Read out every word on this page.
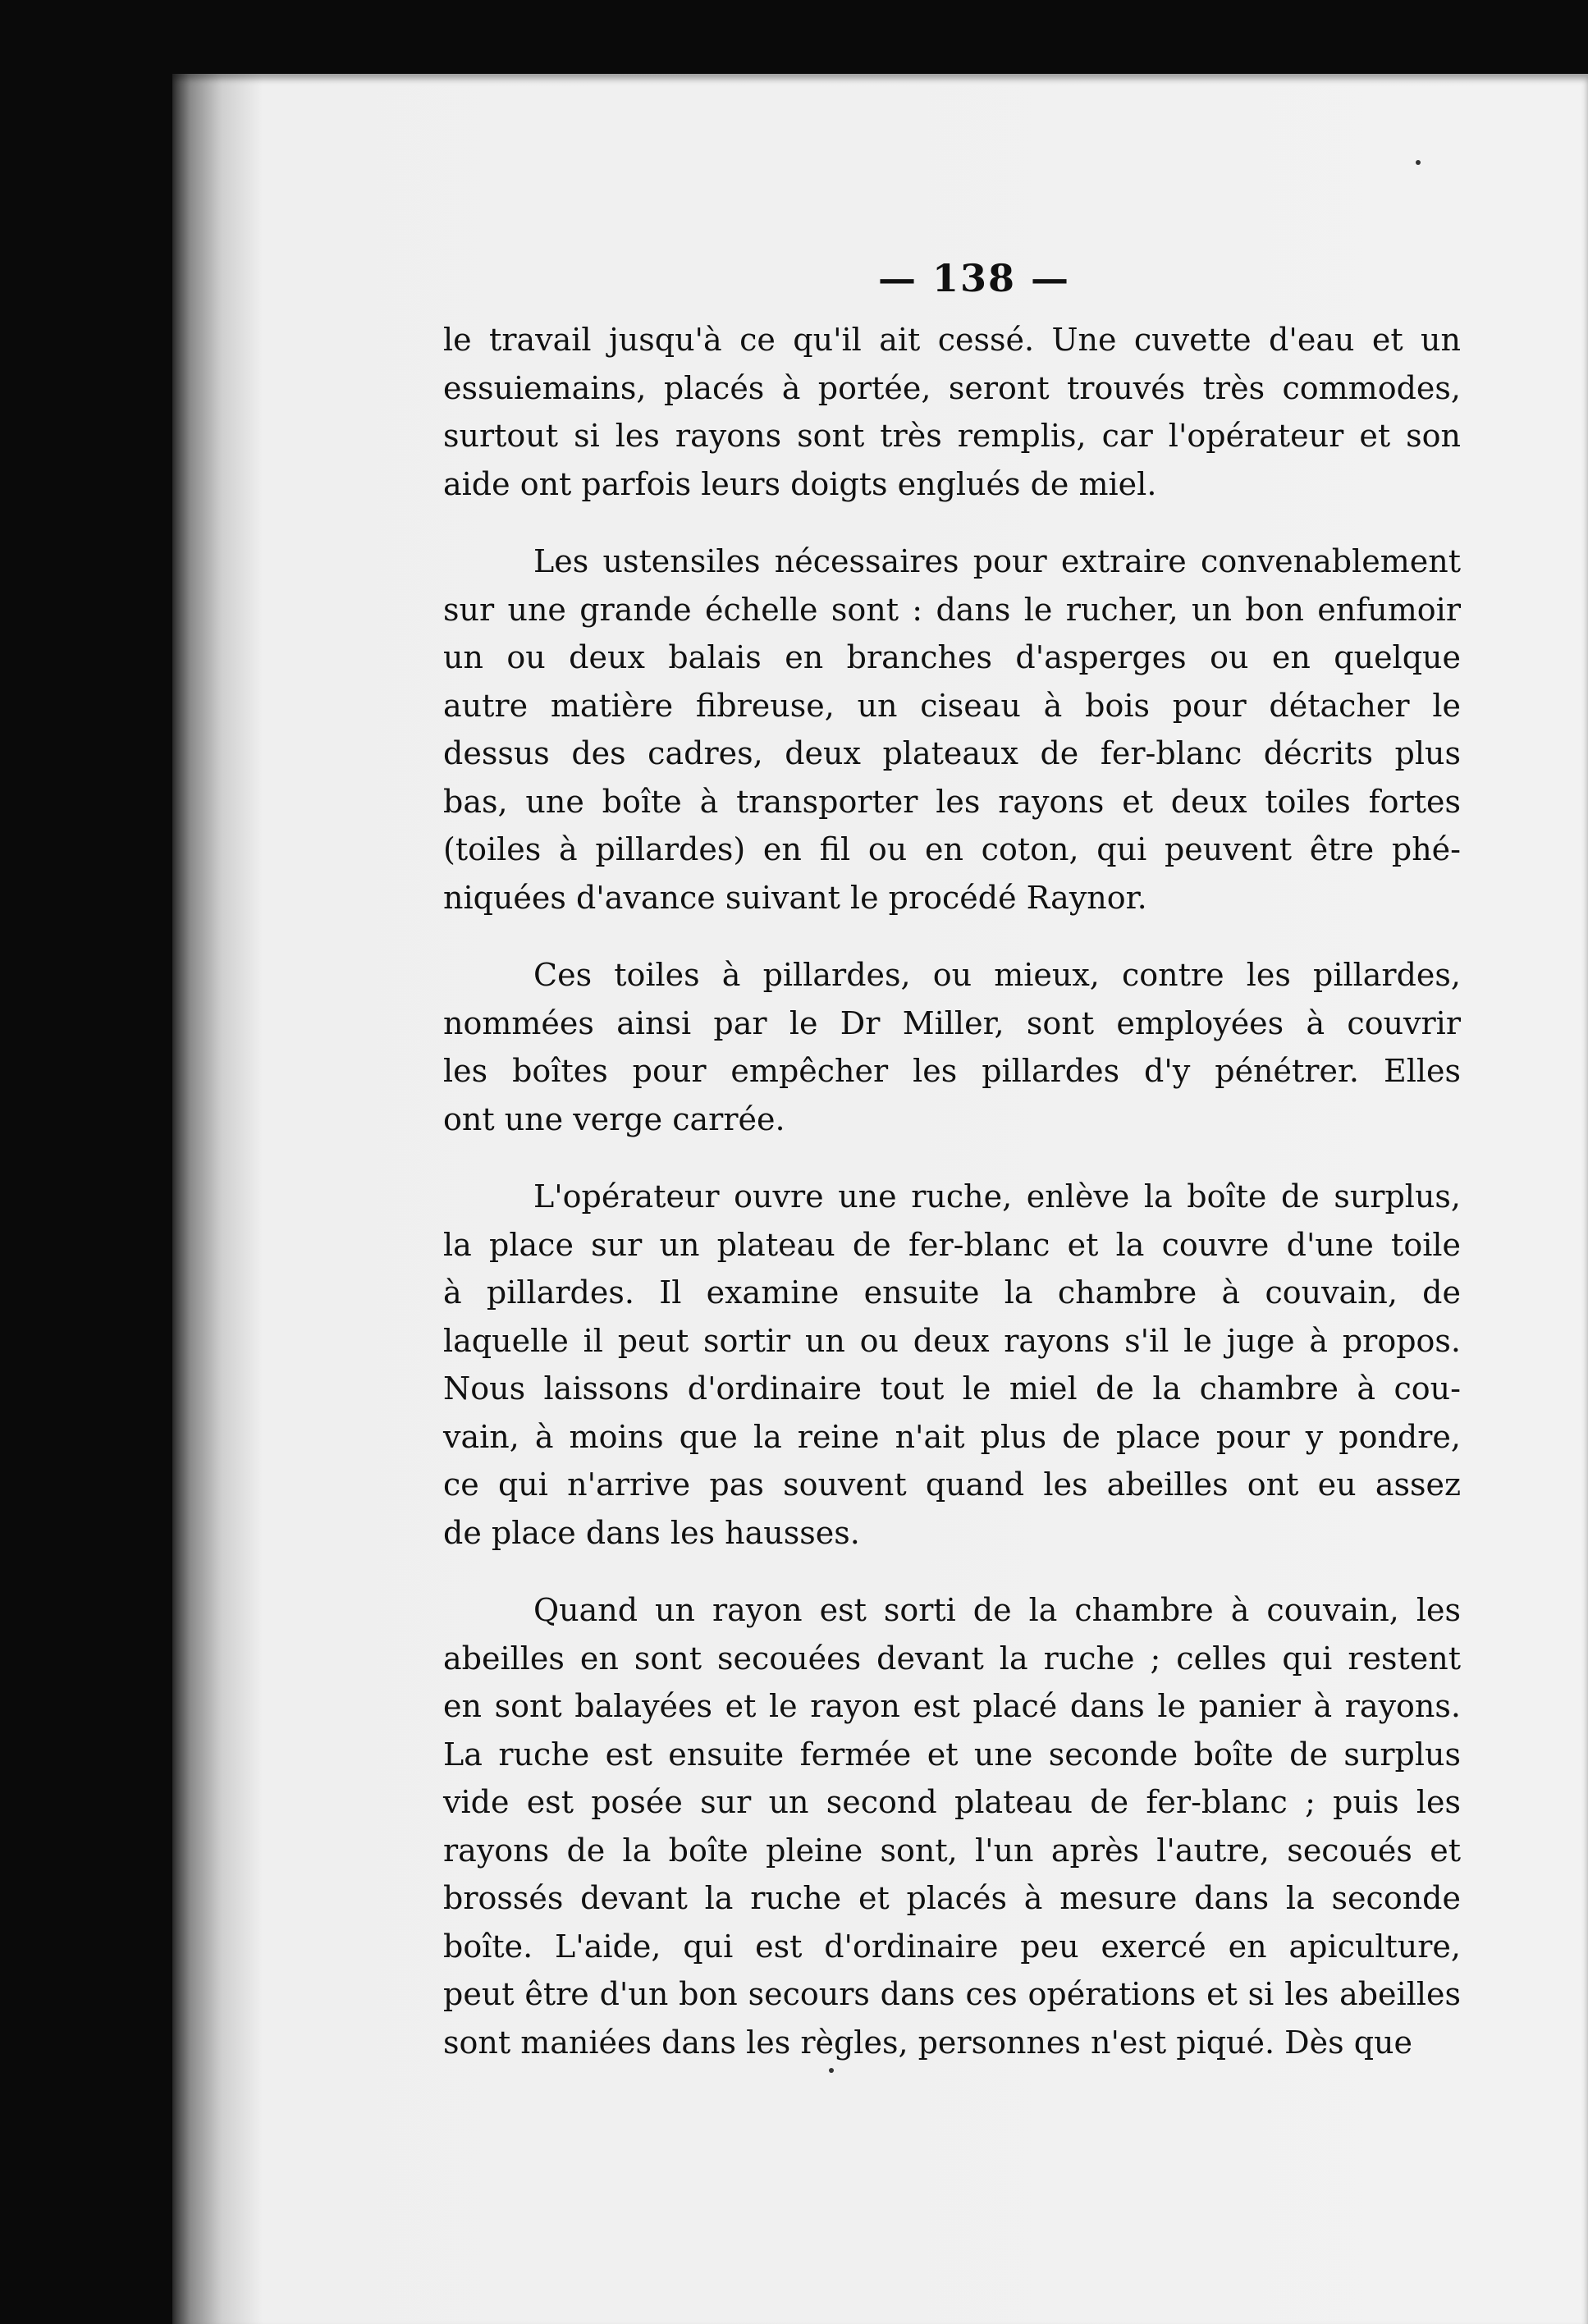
— 138 —
le travail jusqu'à ce qu'il ait cessé. Une cuvette d'eau et un
essuiemains, placés à portée, seront trouvés très commodes,
surtout si les rayons sont très remplis, car l'opérateur et son
aide ont parfois leurs doigts englués de miel.
Les ustensiles nécessaires pour extraire convenablement
sur une grande échelle sont : dans le rucher, un bon enfumoir
un ou deux balais en branches d'asperges ou en quelque
autre matière fibreuse, un ciseau à bois pour détacher le
dessus des cadres, deux plateaux de fer-blanc décrits plus
bas, une boîte à transporter les rayons et deux toiles fortes
(toiles à pillardes) en fil ou en coton, qui peuvent être phé-
niquées d'avance suivant le procédé Raynor.
Ces toiles à pillardes, ou mieux, contre les pillardes,
nommées ainsi par le Dr Miller, sont employées à couvrir
les boîtes pour empêcher les pillardes d'y pénétrer. Elles
ont une verge carrée.
L'opérateur ouvre une ruche, enlève la boîte de surplus,
la place sur un plateau de fer-blanc et la couvre d'une toile
à pillardes. Il examine ensuite la chambre à couvain, de
laquelle il peut sortir un ou deux rayons s'il le juge à propos.
Nous laissons d'ordinaire tout le miel de la chambre à cou-
vain, à moins que la reine n'ait plus de place pour y pondre,
ce qui n'arrive pas souvent quand les abeilles ont eu assez
de place dans les hausses.
Quand un rayon est sorti de la chambre à couvain, les
abeilles en sont secouées devant la ruche ; celles qui restent
en sont balayées et le rayon est placé dans le panier à rayons.
La ruche est ensuite fermée et une seconde boîte de surplus
vide est posée sur un second plateau de fer-blanc ; puis les
rayons de la boîte pleine sont, l'un après l'autre, secoués et
brossés devant la ruche et placés à mesure dans la seconde
boîte. L'aide, qui est d'ordinaire peu exercé en apiculture,
peut être d'un bon secours dans ces opérations et si les abeilles
sont maniées dans les règles, personnes n'est piqué. Dès que
